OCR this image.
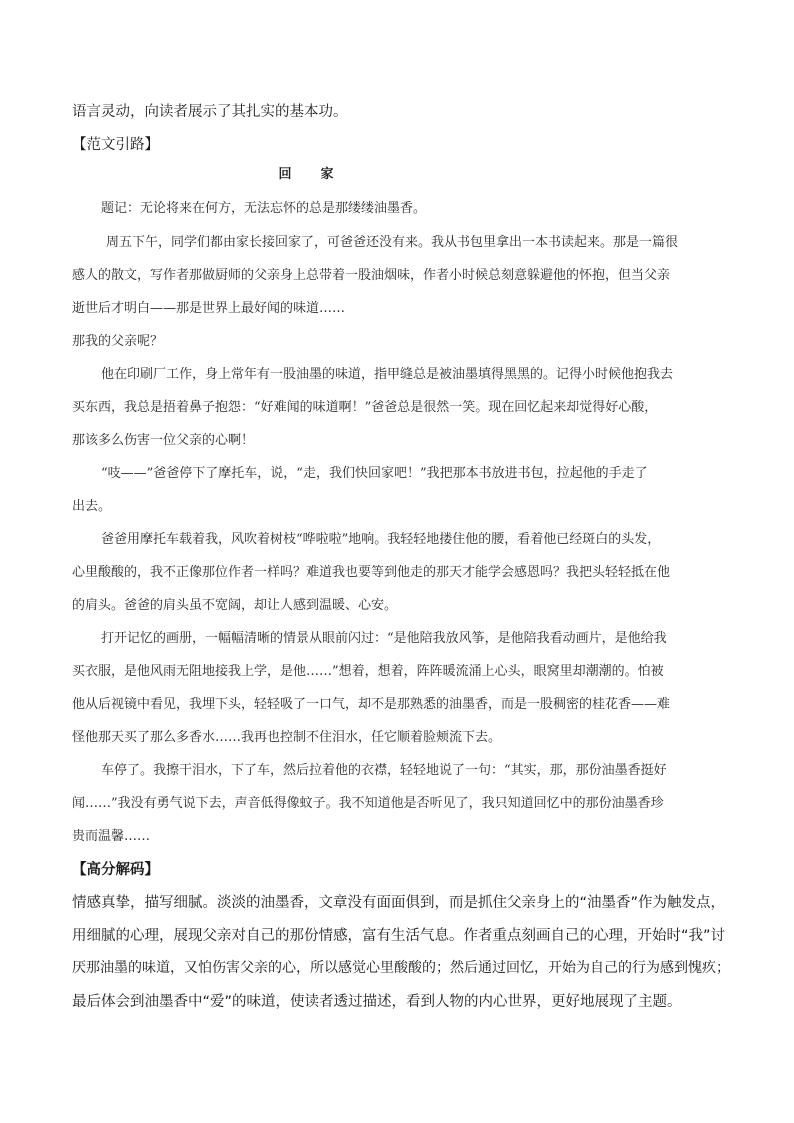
语言灵动，向读者展示了其扎实的基本功。
【范文引路】
回　家
题记：无论将来在何方，无法忘怀的总是那缕缕油墨香。
周五下午，同学们都由家长接回家了，可爸爸还没有来。我从书包里拿出一本书读起来。那是一篇很
感人的散文，写作者那做厨师的父亲身上总带着一股油烟味，作者小时候总刻意躲避他的怀抱，但当父亲
逝世后才明白——那是世界上最好闻的味道……
那我的父亲呢？
他在印刷厂工作，身上常年有一股油墨的味道，指甲缝总是被油墨填得黑黑的。记得小时候他抱我去
买东西，我总是捂着鼻子抱怨：“好难闻的味道啊！”爸爸总是很然一笑。现在回忆起来却觉得好心酸，
那该多么伤害一位父亲的心啊！
“吱——”爸爸停下了摩托车，说，“走，我们快回家吧！”我把那本书放进书包，拉起他的手走了
出去。
爸爸用摩托车载着我，风吹着树枝“哗啦啦”地响。我轻轻地搂住他的腰，看着他已经斑白的头发，
心里酸酸的，我不正像那位作者一样吗？难道我也要等到他走的那天才能学会感恩吗？我把头轻轻抵在他
的肩头。爸爸的肩头虽不宽阔，却让人感到温暖、心安。
打开记忆的画册，一幅幅清晰的情景从眼前闪过：“是他陪我放风筝，是他陪我看动画片，是他给我
买衣服，是他风雨无阻地接我上学，是他……”想着，想着，阵阵暖流涌上心头，眼窝里却潮潮的。怕被
他从后视镜中看见，我埋下头，轻轻吸了一口气，却不是那熟悉的油墨香，而是一股稠密的桂花香——难
怪他那天买了那么多香水……我再也控制不住泪水，任它顺着脸颊流下去。
车停了。我擦干泪水，下了车，然后拉着他的衣襟，轻轻地说了一句：“其实，那，那份油墨香挺好
闻……”我没有勇气说下去，声音低得像蚊子。我不知道他是否听见了，我只知道回忆中的那份油墨香珍
贵而温馨……
【高分解码】
情感真挚，描写细腻。淡淡的油墨香，文章没有面面俱到，而是抓住父亲身上的“油墨香”作为触发点，
用细腻的心理，展现父亲对自己的那份情感，富有生活气息。作者重点刻画自己的心理，开始时“我”讨
厌那油墨的味道，又怕伤害父亲的心，所以感觉心里酸酸的；然后通过回忆，开始为自己的行为感到愧疚；
最后体会到油墨香中“爱”的味道，使读者透过描述，看到人物的内心世界，更好地展现了主题。
